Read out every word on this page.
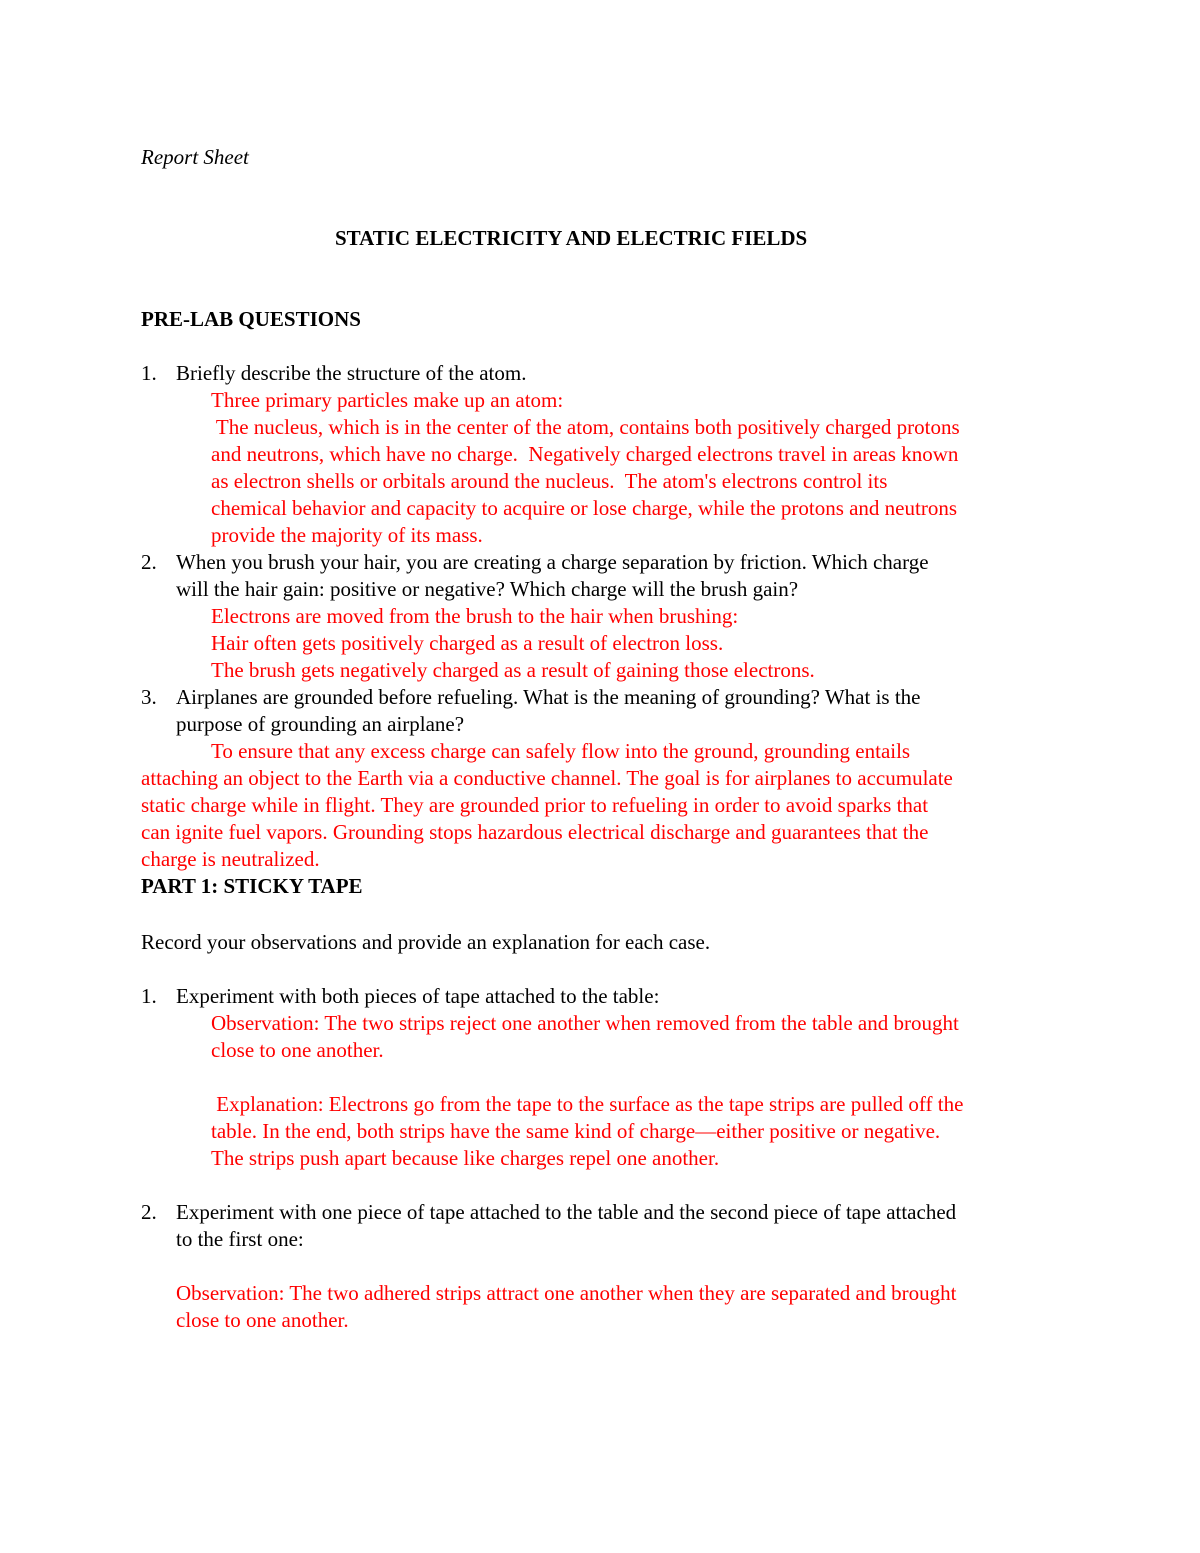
Report Sheet
STATIC ELECTRICITY AND ELECTRIC FIELDS
PRE-LAB QUESTIONS
1. Briefly describe the structure of the atom.
Three primary particles make up an atom:
The nucleus, which is in the center of the atom, contains both positively charged protons
and neutrons, which have no charge.  Negatively charged electrons travel in areas known
as electron shells or orbitals around the nucleus.  The atom's electrons control its
chemical behavior and capacity to acquire or lose charge, while the protons and neutrons
provide the majority of its mass.
2. When you brush your hair, you are creating a charge separation by friction. Which charge
will the hair gain: positive or negative? Which charge will the brush gain?
Electrons are moved from the brush to the hair when brushing:
Hair often gets positively charged as a result of electron loss.
The brush gets negatively charged as a result of gaining those electrons.
3. Airplanes are grounded before refueling. What is the meaning of grounding? What is the
purpose of grounding an airplane?
To ensure that any excess charge can safely flow into the ground, grounding entails
attaching an object to the Earth via a conductive channel. The goal is for airplanes to accumulate
static charge while in flight. They are grounded prior to refueling in order to avoid sparks that
can ignite fuel vapors. Grounding stops hazardous electrical discharge and guarantees that the
charge is neutralized.
PART 1: STICKY TAPE
Record your observations and provide an explanation for each case.
1. Experiment with both pieces of tape attached to the table:
Observation: The two strips reject one another when removed from the table and brought
close to one another.
Explanation: Electrons go from the tape to the surface as the tape strips are pulled off the
table. In the end, both strips have the same kind of charge—either positive or negative.
The strips push apart because like charges repel one another.
2. Experiment with one piece of tape attached to the table and the second piece of tape attached
to the first one:
Observation: The two adhered strips attract one another when they are separated and brought
close to one another.
